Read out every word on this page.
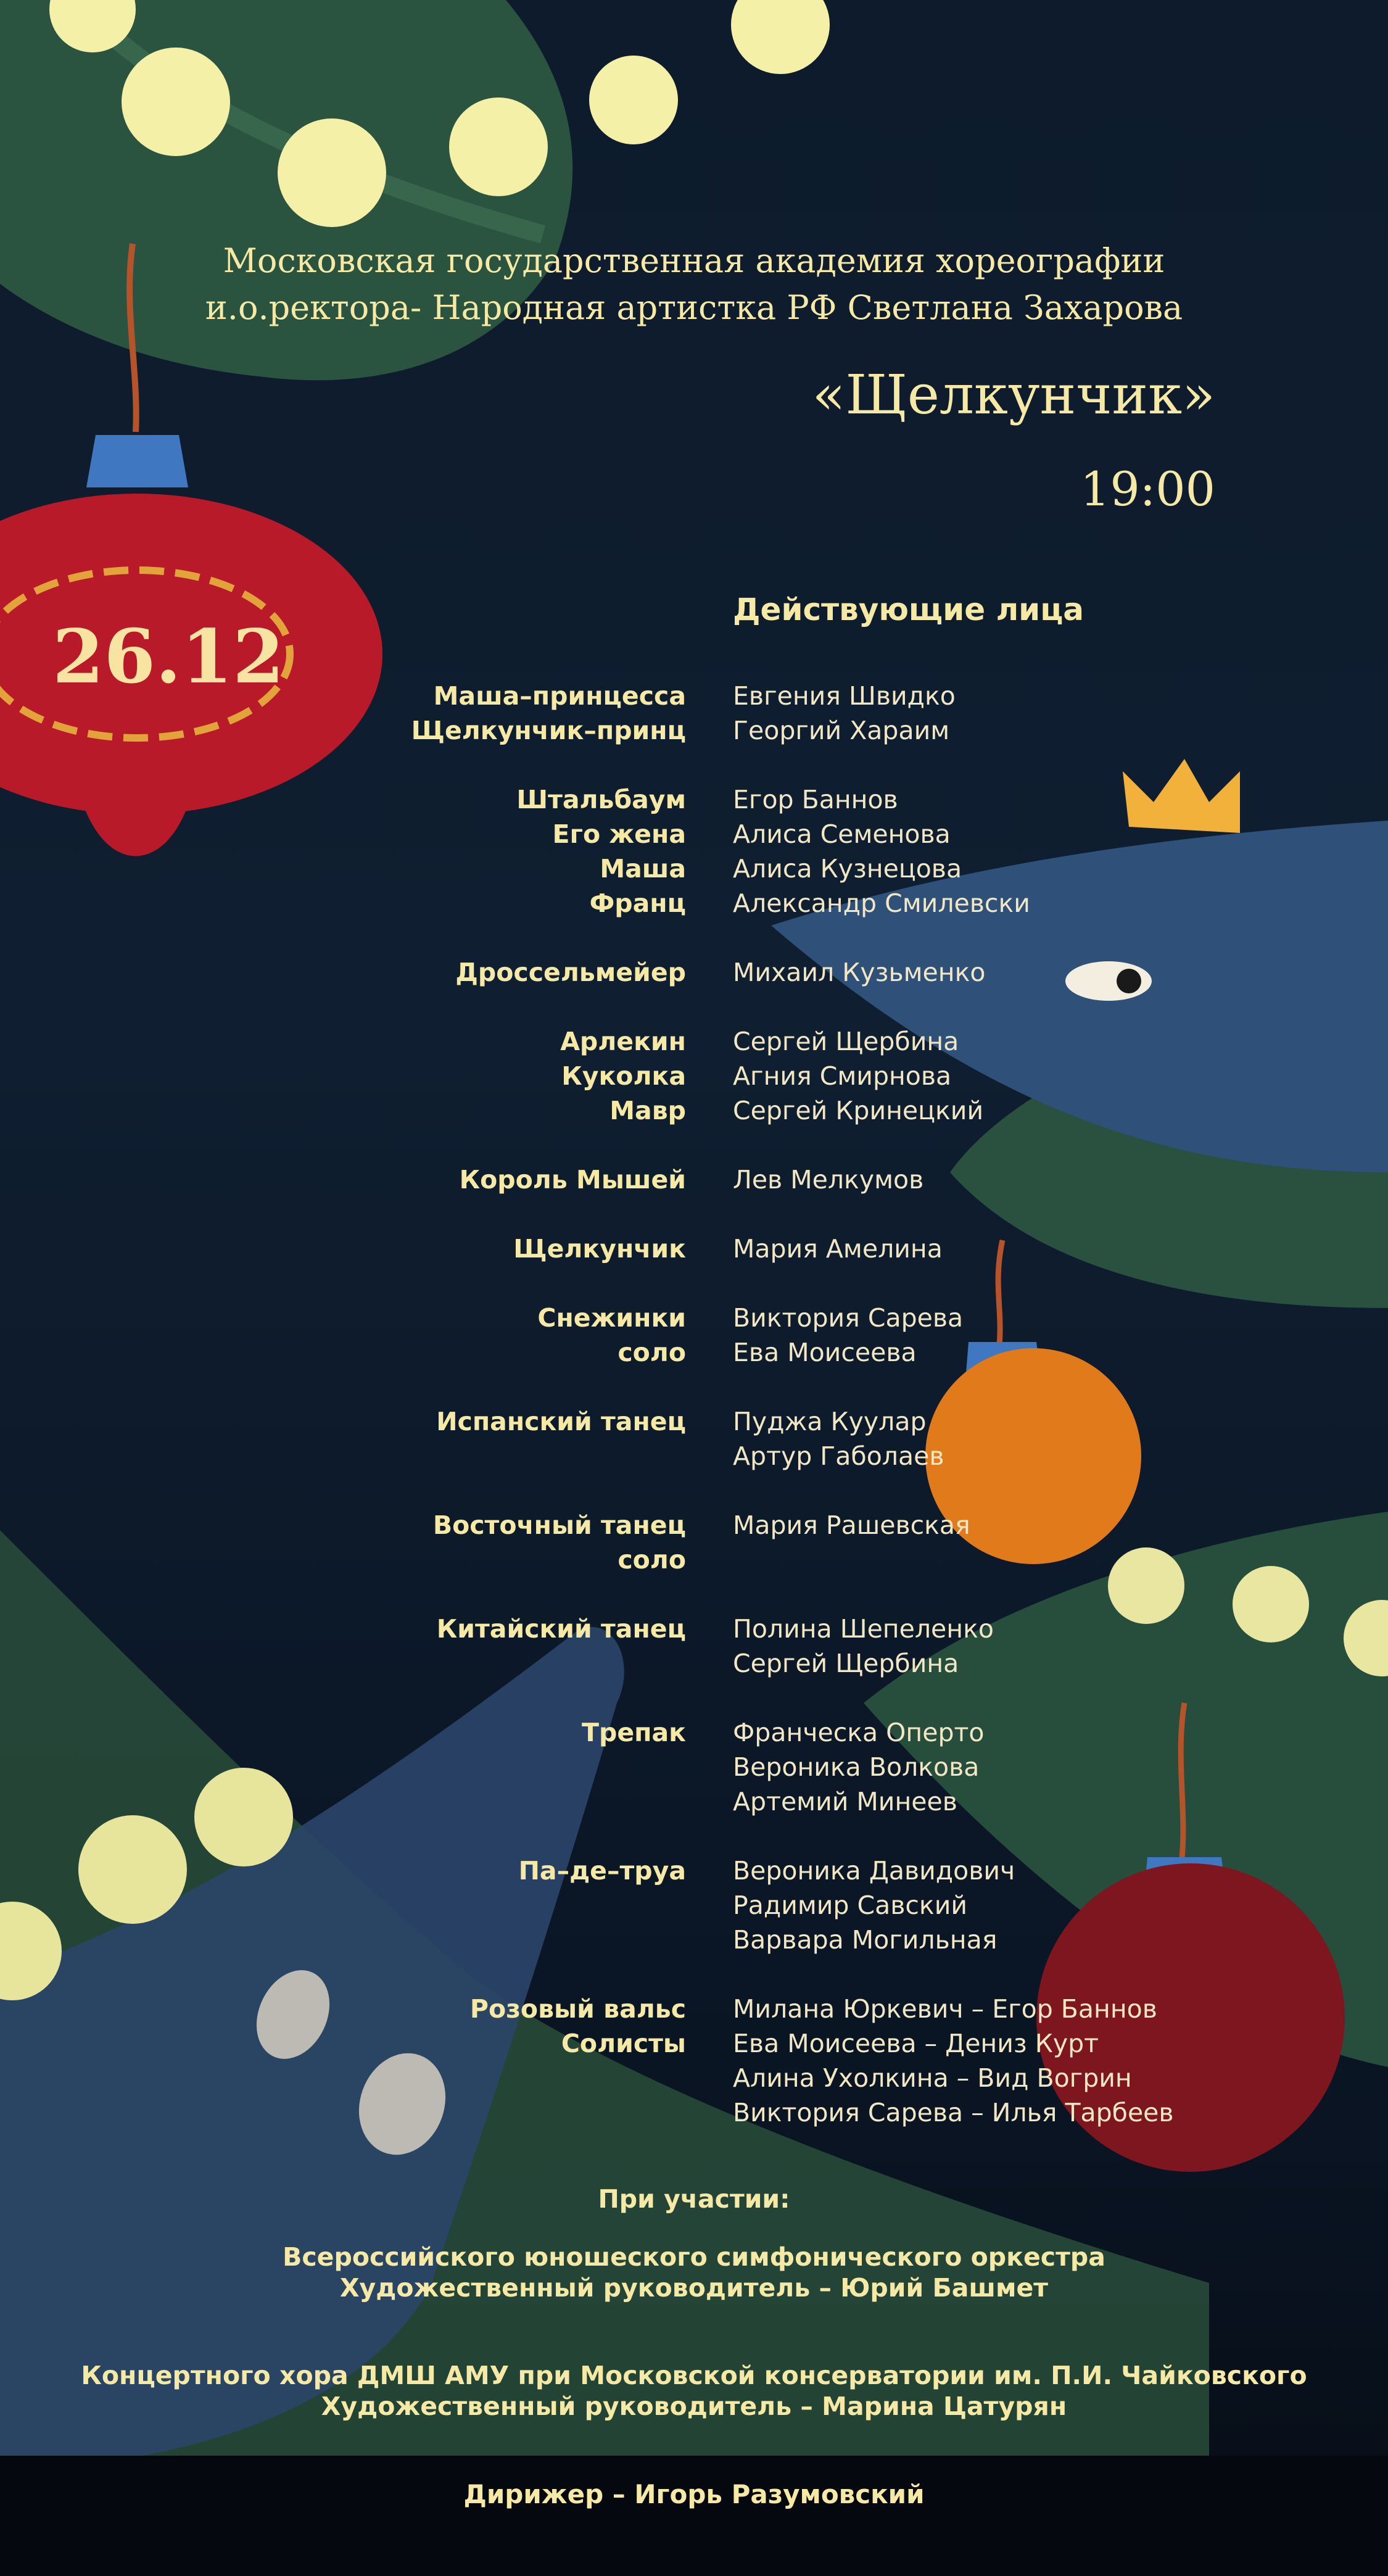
Московская государственная академия хореографии
и.о.ректора- Народная артистка РФ Светлана Захарова
«Щелкунчик»
19:00
26.12
Действующие лица
Маша–принцесса
Щелкунчик–принц
Евгения Швидко
Георгий Хараим
Штальбаум
Его жена
Маша
Франц
Егор Баннов
Алиса Семенова
Алиса Кузнецова
Александр Смилевски
Дроссельмейер Михаил Кузьменко
Арлекин
Куколка
Мавр
Сергей Щербина
Агния Смирнова
Сергей Кринецкий
Король Мышей Лев Мелкумов
Щелкунчик Мария Амелина
Снежинки
соло
Виктория Сарева
Ева Моисеева
Испанский танец Пуджа Куулар
Артур Габолаев
Восточный танец
соло
Мария Рашевская
Китайский танец Полина Шепеленко
Сергей Щербина
Трепак Франческа Оперто
Вероника Волкова
Артемий Минеев
Па–де–труа Вероника Давидович
Радимир Савский
Варвара Могильная
Розовый вальс
Солисты
Милана Юркевич – Егор Баннов
Ева Моисеева – Дениз Курт
Алина Ухолкина – Вид Вогрин
Виктория Сарева – Илья Тарбеев
При участии:
Всероссийского юношеского симфонического оркестра
Художественный руководитель – Юрий Башмет
Концертного хора ДМШ АМУ при Московской консерватории им. П.И. Чайковского
Художественный руководитель – Марина Цатурян
Дирижер – Игорь Разумовский
